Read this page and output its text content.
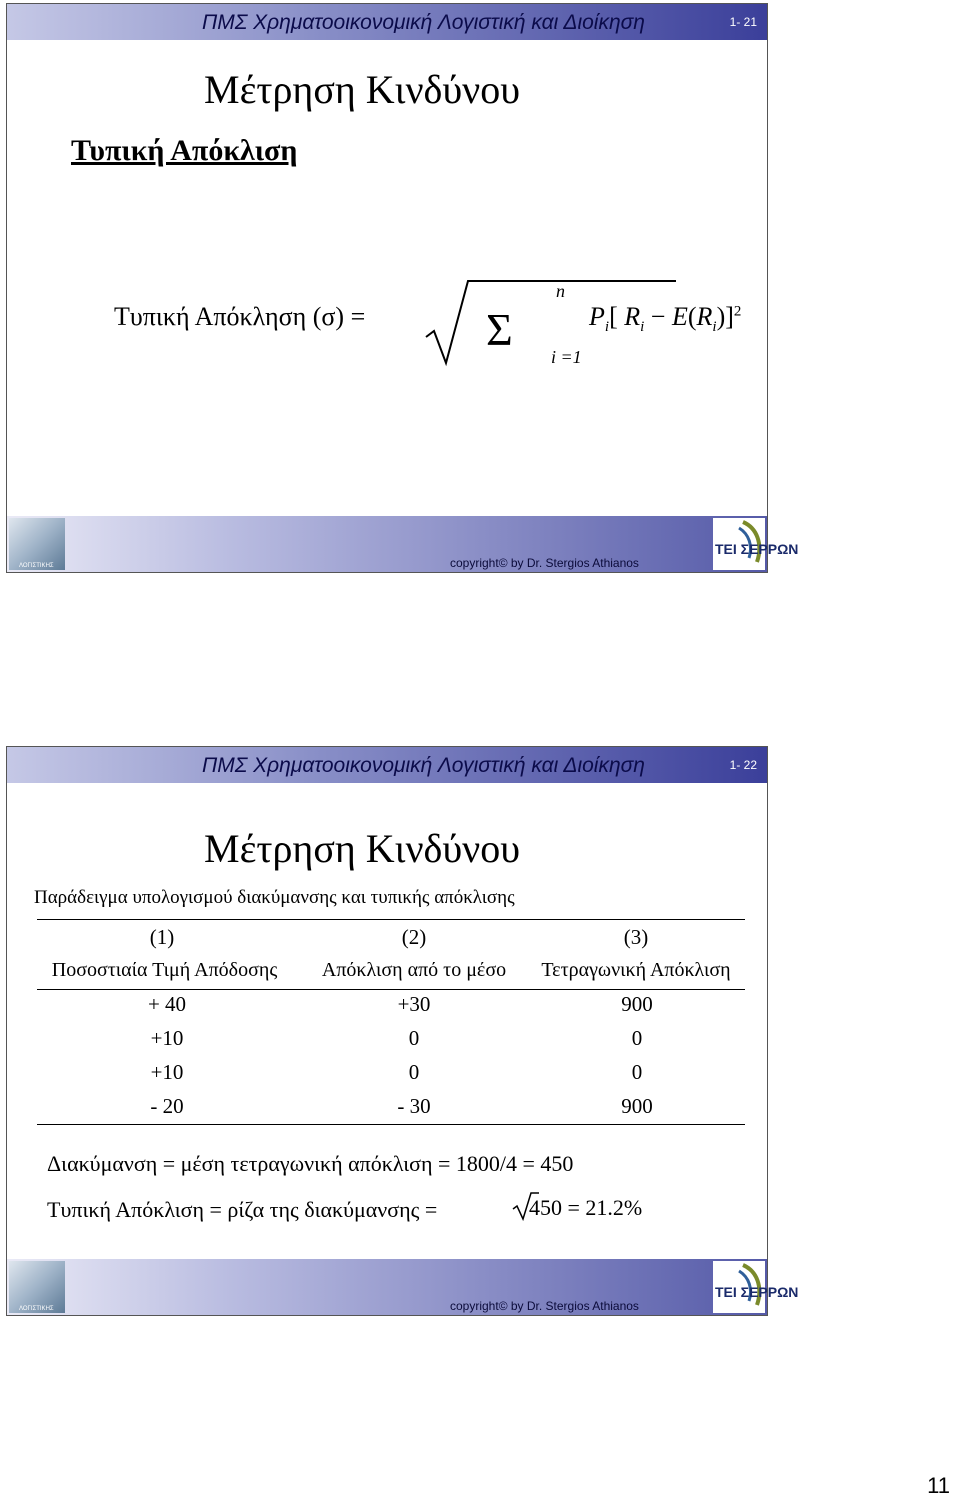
ΠΜΣ Χρηματοοικονομική Λογιστική και Διοίκηση	1- 21
Μέτρηση Κινδύνου
Τυπική Απόκλιση
Τυπική Απόκληση (σ) =	Σ
n
i =1
$P_i$[ $R_i - E(R_i)]^2$
ΛΟΓΙΣΤΙΚΗΣ	copyright© by Dr. Stergios Athianos
TEI ΣΕΡΡΩΝ
ΠΜΣ Χρηματοοικονομική Λογιστική και Διοίκηση	1- 22
Μέτρηση Κινδύνου
Παράδειγμα υπολογισμού διακύμανσης και τυπικής απόκλισης
(1)	(2)	(3)
Ποσοστιαία Τιμή Απόδοσης	Απόκλιση από το μέσο	Τετραγωνική Απόκλιση
+ 40	+30	900
+10	0	0
+10	0	0
- 20	- 30	900
Διακύμανση = μέση τετραγωνική απόκλιση = 1800/4 = 450
Τυπική Απόκλιση = ρίζα της διακύμανσης =	450 = 21.2%
ΛΟΓΙΣΤΙΚΗΣ	copyright© by Dr. Stergios Athianos
TEI ΣΕΡΡΩΝ
11
